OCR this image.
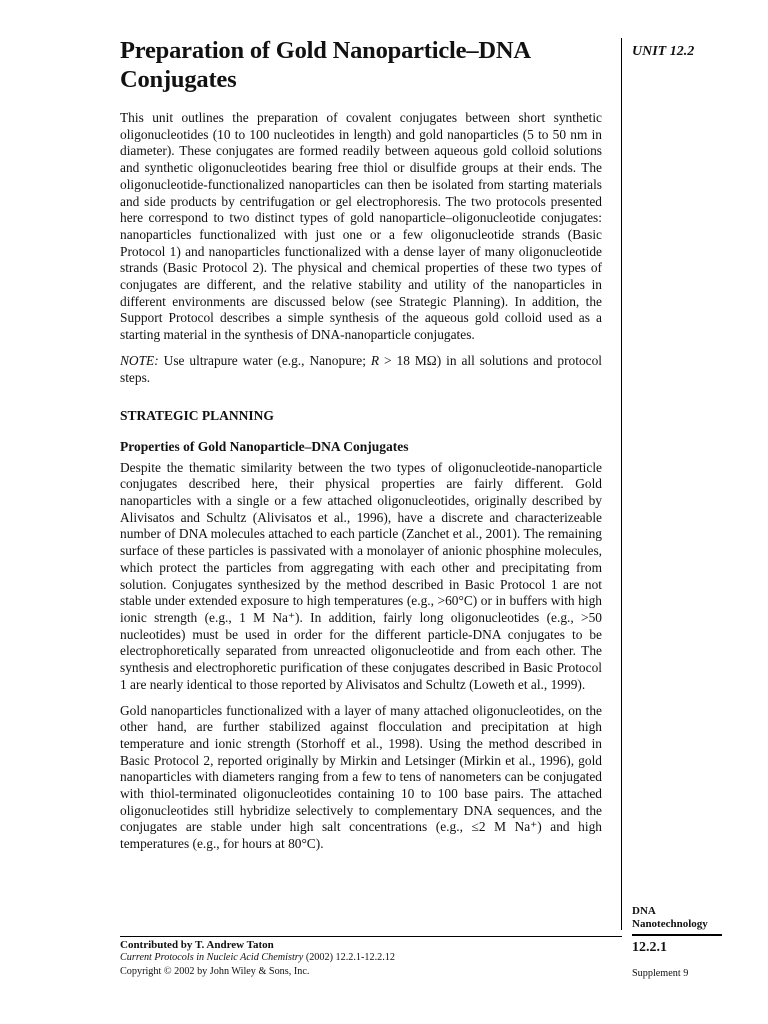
Preparation of Gold Nanoparticle–DNA Conjugates
UNIT 12.2

This unit outlines the preparation of covalent conjugates between short synthetic oligonucleotides (10 to 100 nucleotides in length) and gold nanoparticles (5 to 50 nm in diameter). These conjugates are formed readily between aqueous gold colloid solutions and synthetic oligonucleotides bearing free thiol or disulfide groups at their ends. The oligonucleotide-functionalized nanoparticles can then be isolated from starting materials and side products by centrifugation or gel electrophoresis. The two protocols presented here correspond to two distinct types of gold nanoparticle–oligonucleotide conjugates: nanoparticles functionalized with just one or a few oligonucleotide strands (Basic Protocol 1) and nanoparticles functionalized with a dense layer of many oligonucleotide strands (Basic Protocol 2). The physical and chemical properties of these two types of conjugates are different, and the relative stability and utility of the nanoparticles in different environments are discussed below (see Strategic Planning). In addition, the Support Protocol describes a simple synthesis of the aqueous gold colloid used as a starting material in the synthesis of DNA-nanoparticle conjugates.

NOTE: Use ultrapure water (e.g., Nanopure; R > 18 MΩ) in all solutions and protocol steps.

STRATEGIC PLANNING
Properties of Gold Nanoparticle–DNA Conjugates

Despite the thematic similarity between the two types of oligonucleotide-nanoparticle conjugates described here, their physical properties are fairly different. Gold nanoparticles with a single or a few attached oligonucleotides, originally described by Alivisatos and Schultz (Alivisatos et al., 1996), have a discrete and characterizeable number of DNA molecules attached to each particle (Zanchet et al., 2001). The remaining surface of these particles is passivated with a monolayer of anionic phosphine molecules, which protect the particles from aggregating with each other and precipitating from solution. Conjugates synthesized by the method described in Basic Protocol 1 are not stable under extended exposure to high temperatures (e.g., >60°C) or in buffers with high ionic strength (e.g., 1 M Na⁺). In addition, fairly long oligonucleotides (e.g., >50 nucleotides) must be used in order for the different particle-DNA conjugates to be electrophoretically separated from unreacted oligonucleotide and from each other. The synthesis and electrophoretic purification of these conjugates described in Basic Protocol 1 are nearly identical to those reported by Alivisatos and Schultz (Loweth et al., 1999).

Gold nanoparticles functionalized with a layer of many attached oligonucleotides, on the other hand, are further stabilized against flocculation and precipitation at high temperature and ionic strength (Storhoff et al., 1998). Using the method described in Basic Protocol 2, reported originally by Mirkin and Letsinger (Mirkin et al., 1996), gold nanoparticles with diameters ranging from a few to tens of nanometers can be conjugated with thiol-terminated oligonucleotides containing 10 to 100 base pairs. The attached oligonucleotides still hybridize selectively to complementary DNA sequences, and the conjugates are stable under high salt concentrations (e.g., ≤2 M Na⁺) and high temperatures (e.g., for hours at 80°C).

Contributed by T. Andrew Taton
Current Protocols in Nucleic Acid Chemistry (2002) 12.2.1-12.2.12
Copyright © 2002 by John Wiley & Sons, Inc.
DNA
Nanotechnology
12.2.1
Supplement 9
